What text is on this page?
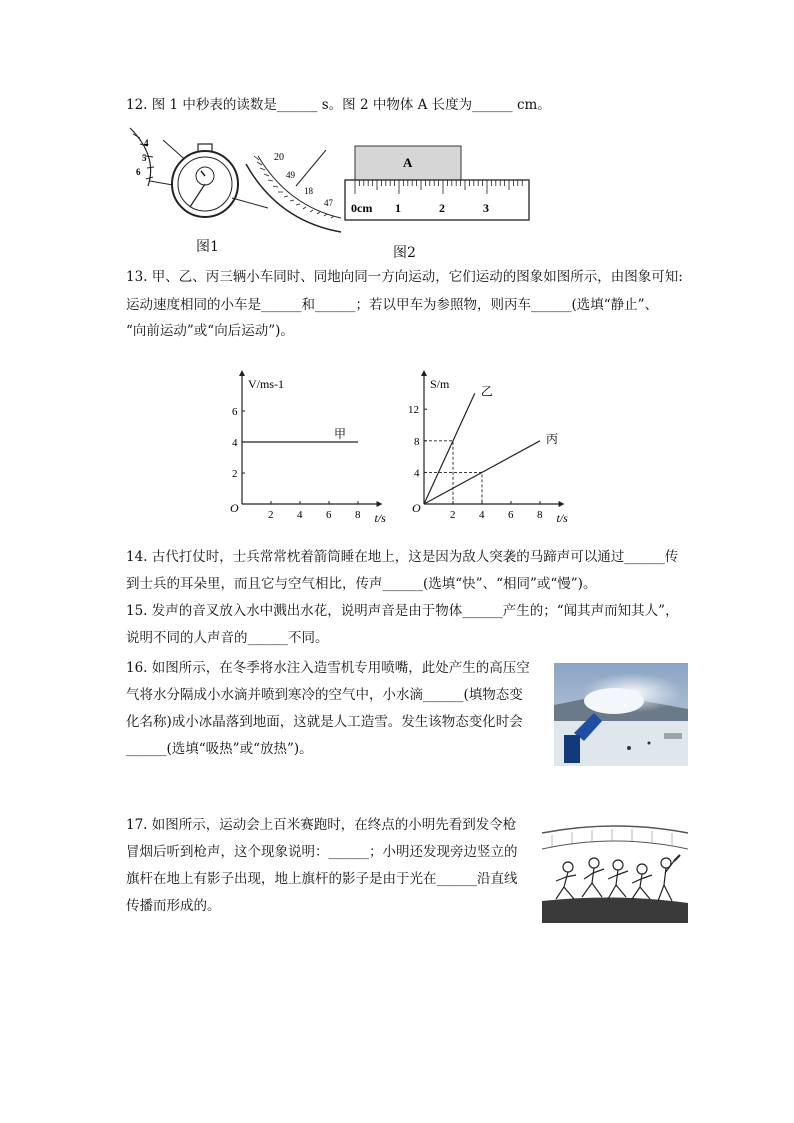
12. 图 1 中秒表的读数是______ s。图 2 中物体 A 长度为______ cm。
4
5
6
20
49
18
47
图1
A
0cm 1	2	3
图2
13. 甲、乙、丙三辆小车同时、同地向同一方向运动，它们运动的图象如图所示，由图象可知:
运动速度相同的小车是______和______；若以甲车为参照物，则丙车______(选填“静止”、
“向前运动”或“向后运动”)。
V/ms-1
t/s
O	2 4 6 8
2
4
6
甲
S/m
t/s
O	2 4 6 8
4
8
12
乙
丙
14. 古代打仗时，士兵常常枕着箭筒睡在地上，这是因为敌人突袭的马蹄声可以通过______传
到士兵的耳朵里，而且它与空气相比，传声______(选填“快”、“相同”或“慢”)。
15. 发声的音叉放入水中溅出水花，说明声音是由于物体______产生的；“闻其声而知其人”，
说明不同的人声音的______不同。
16. 如图所示，在冬季将水注入造雪机专用喷嘴，此处产生的高压空
气将水分隔成小水滴并喷到寒冷的空气中，小水滴______(填物态变
化名称)成小冰晶落到地面，这就是人工造雪。发生该物态变化时会
______(选填“吸热”或“放热”)。
17. 如图所示，运动会上百米赛跑时，在终点的小明先看到发令枪
冒烟后听到枪声，这个现象说明：______；小明还发现旁边竖立的
旗杆在地上有影子出现，地上旗杆的影子是由于光在______沿直线
传播而形成的。
